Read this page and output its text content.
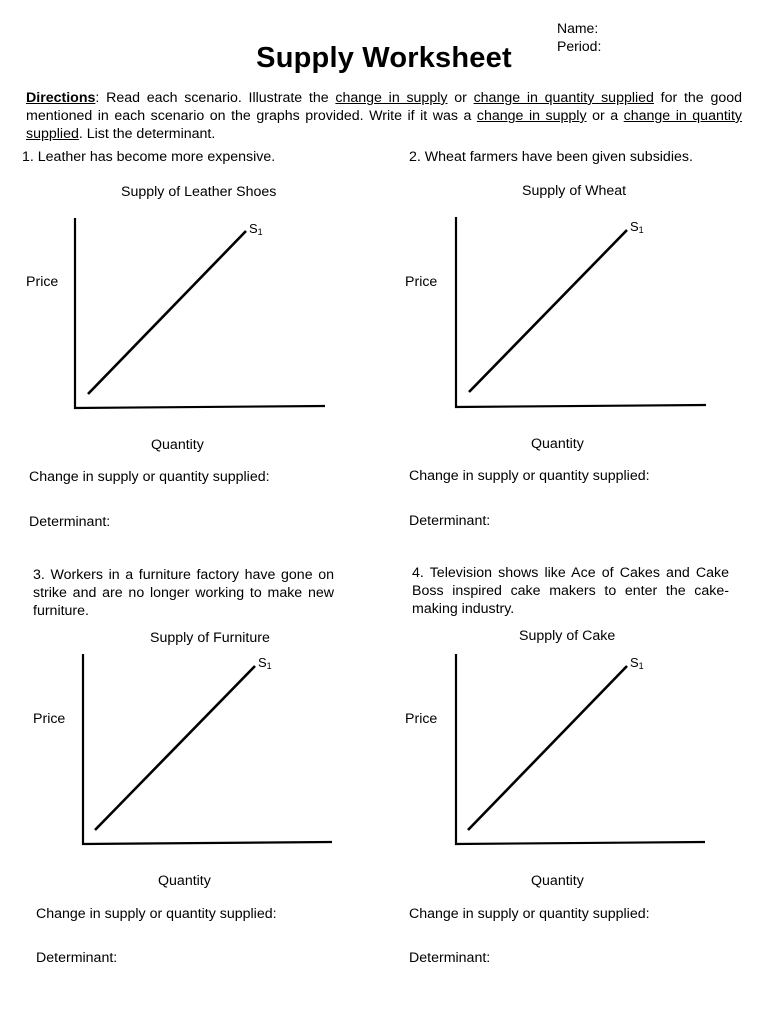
Name:
Period:
Supply Worksheet
Directions: Read each scenario. Illustrate the change in supply or change in quantity supplied for the good mentioned in each scenario on the graphs provided. Write if it was a change in supply or a change in quantity supplied. List the determinant.
1. Leather has become more expensive.
Supply of Leather Shoes
Price
S1
Quantity
Change in supply or quantity supplied:
Determinant:
2. Wheat farmers have been given subsidies.
Supply of Wheat
Price
S1
Quantity
Change in supply or quantity supplied:
Determinant:
3. Workers in a furniture factory have gone on strike and are no longer working to make new furniture.
Supply of Furniture
Price
S1
Quantity
Change in supply or quantity supplied:
Determinant:
4. Television shows like Ace of Cakes and Cake Boss inspired cake makers to enter the cake-making industry.
Supply of Cake
Price
S1
Quantity
Change in supply or quantity supplied:
Determinant:
